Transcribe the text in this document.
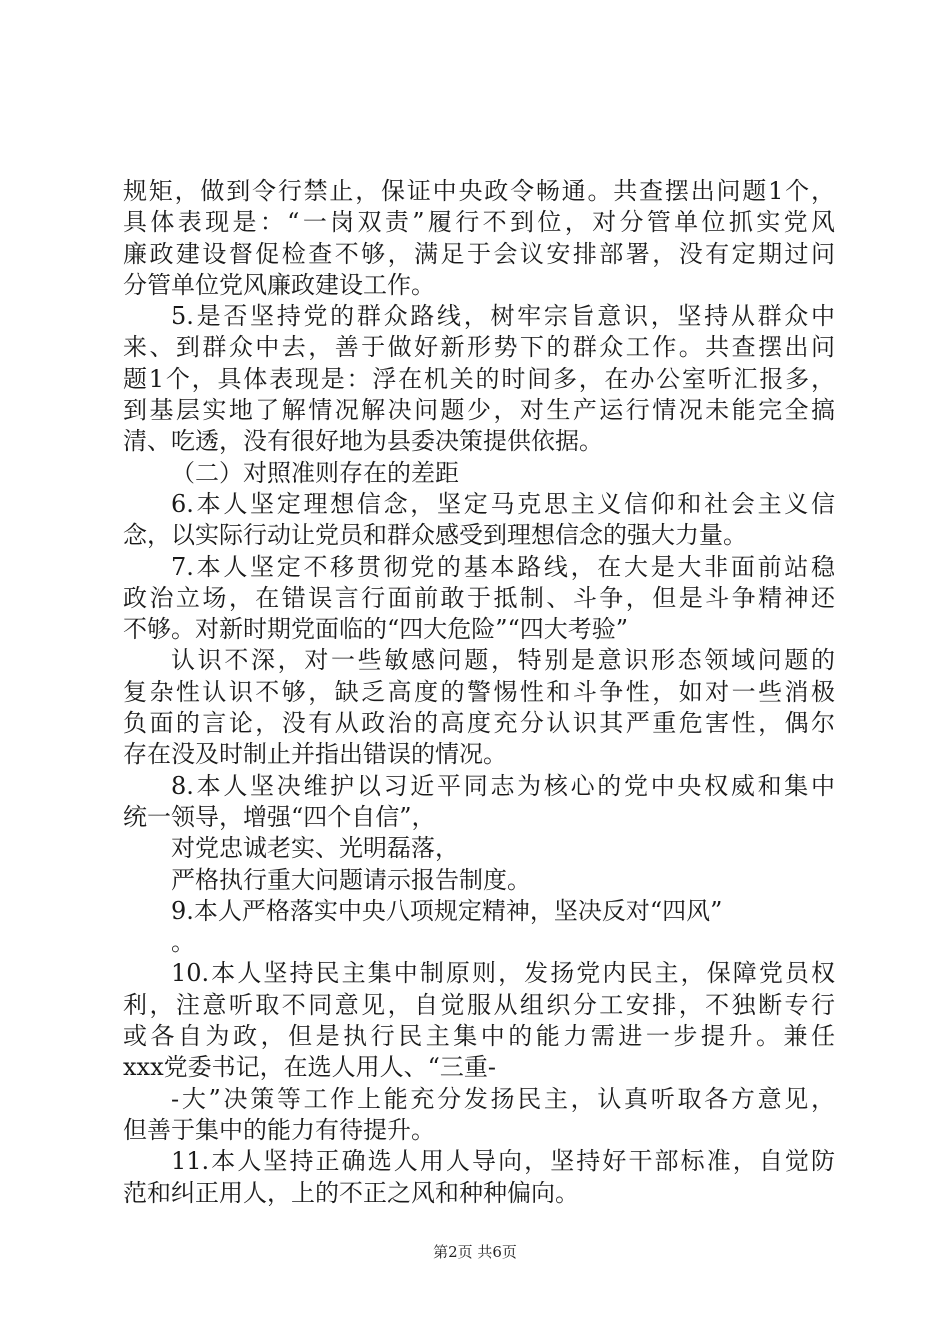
规矩，做到令行禁止，保证中央政令畅通。共查摆出问题1个，
具体表现是：“一岗双责”履行不到位，对分管单位抓实党风
廉政建设督促检查不够，满足于会议安排部署，没有定期过问
分管单位党风廉政建设工作。
5.是否坚持党的群众路线，树牢宗旨意识，坚持从群众中
来、到群众中去，善于做好新形势下的群众工作。共查摆出问
题1个，具体表现是：浮在机关的时间多，在办公室听汇报多，
到基层实地了解情况解决问题少，对生产运行情况未能完全搞
清、吃透，没有很好地为县委决策提供依据。
（二）对照准则存在的差距
6.本人坚定理想信念，坚定马克思主义信仰和社会主义信
念，以实际行动让党员和群众感受到理想信念的强大力量。
7.本人坚定不移贯彻党的基本路线，在大是大非面前站稳
政治立场，在错误言行面前敢于抵制、斗争，但是斗争精神还
不够。对新时期党面临的“四大危险”“四大考验”
认识不深，对一些敏感问题，特别是意识形态领域问题的
复杂性认识不够，缺乏高度的警惕性和斗争性，如对一些消极
负面的言论，没有从政治的高度充分认识其严重危害性，偶尔
存在没及时制止并指出错误的情况。
8.本人坚决维护以习近平同志为核心的党中央权威和集中
统一领导，增强“四个自信”，
对党忠诚老实、光明磊落，
严格执行重大问题请示报告制度。
9.本人严格落实中央八项规定精神，坚决反对“四风”
。
10.本人坚持民主集中制原则，发扬党内民主，保障党员权
利，注意听取不同意见，自觉服从组织分工安排，不独断专行
或各自为政，但是执行民主集中的能力需进一步提升。兼任
xxx党委书记，在选人用人、“三重-
-大”决策等工作上能充分发扬民主，认真听取各方意见，
但善于集中的能力有待提升。
11.本人坚持正确选人用人导向，坚持好干部标准，自觉防
范和纠正用人，上的不正之风和种种偏向。
第2页 共6页
